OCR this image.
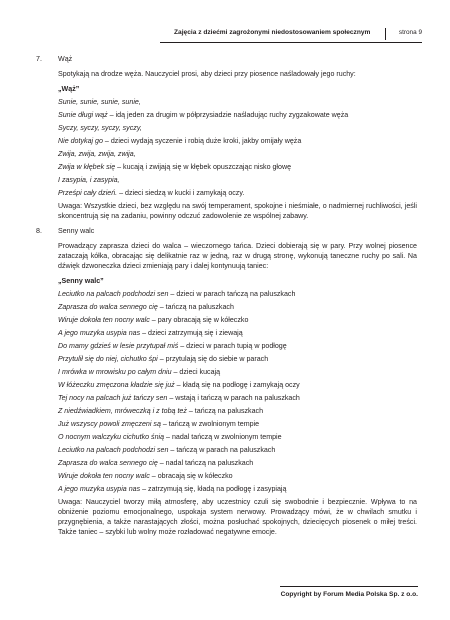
Zajęcia z dziećmi zagrożonymi niedostosowaniem społecznym	strona 9
7. Wąż
Spotykają na drodze węża. Nauczyciel prosi, aby dzieci przy piosence naśladowały jego ruchy:
„Wąż”
Sunie, sunie, sunie, sunie,
Sunie długi wąż – idą jeden za drugim w półprzysiadzie naśladując ruchy zygzakowate węża
Syczy, syczy, syczy, syczy,
Nie dotykaj go – dzieci wydają syczenie i robią duże kroki, jakby omijały węża
Zwija, zwija, zwija, zwija,
Zwija w kłębek się – kucają i zwijają się w kłębek opuszczając nisko głowę
I zasypia, i zasypia,
Prześpi cały dzień. – dzieci siedzą w kucki i zamykają oczy.
Uwaga: Wszystkie dzieci, bez względu na swój temperament, spokojne i nieśmiałe, o nadmiernej ruchliwości, jeśli skoncentrują się na zadaniu, powinny odczuć zadowolenie ze wspólnej zabawy.
8. Senny walc
Prowadzący zaprasza dzieci do walca – wieczornego tańca. Dzieci dobierają się w pary. Przy wolnej piosence zataczają kółka, obracając się delikatnie raz w jedną, raz w drugą stronę, wykonują taneczne ruchy po sali. Na dźwięk dzwoneczka dzieci zmieniają pary i dalej kontynuują taniec:
„Senny walc”
Leciutko na palcach podchodzi sen – dzieci w parach tańczą na paluszkach
Zaprasza do walca sennego cię – tańczą na paluszkach
Wiruje dokoła ten nocny walc – pary obracają się w kółeczko
A jego muzyka usypia nas – dzieci zatrzymują się i ziewają
Do mamy gdzieś w lesie przytupał miś – dzieci w parach tupią w podłogę
Przytulił się do niej, cichutko śpi – przytulają się do siebie w parach
I mrówka w mrowisku po całym dniu – dzieci kucają
W łóżeczku zmęczona kładzie się już – kładą się na podłogę i zamykają oczy
Tej nocy na palcach już tańczy sen – wstają i tańczą w parach na paluszkach
Z niedźwiadkiem, mróweczką i z tobą też – tańczą na paluszkach
Już wszyscy powoli zmęczeni są – tańczą w zwolnionym tempie
O nocnym walczyku cichutko śnią – nadal tańczą w zwolnionym tempie
Leciutko na palcach podchodzi sen – tańczą w parach na paluszkach
Zaprasza do walca sennego cię – nadal tańczą na paluszkach
Wiruje dokoła ten nocny walc – obracają się w kółeczko
A jego muzyka usypia nas – zatrzymują się, kładą na podłogę i zasypiają
Uwaga: Nauczyciel tworzy miłą atmosferę, aby uczestnicy czuli się swobodnie i bezpiecznie. Wpływa to na obniżenie poziomu emocjonalnego, uspokaja system nerwowy. Prowadzący mówi, że w chwilach smutku i przygnębienia, a także narastających złości, można posłuchać spokojnych, dziecięcych piosenek o miłej treści. Także taniec – szybki lub wolny może rozładować negatywne emocje.
Copyright by Forum Media Polska Sp. z o.o.
